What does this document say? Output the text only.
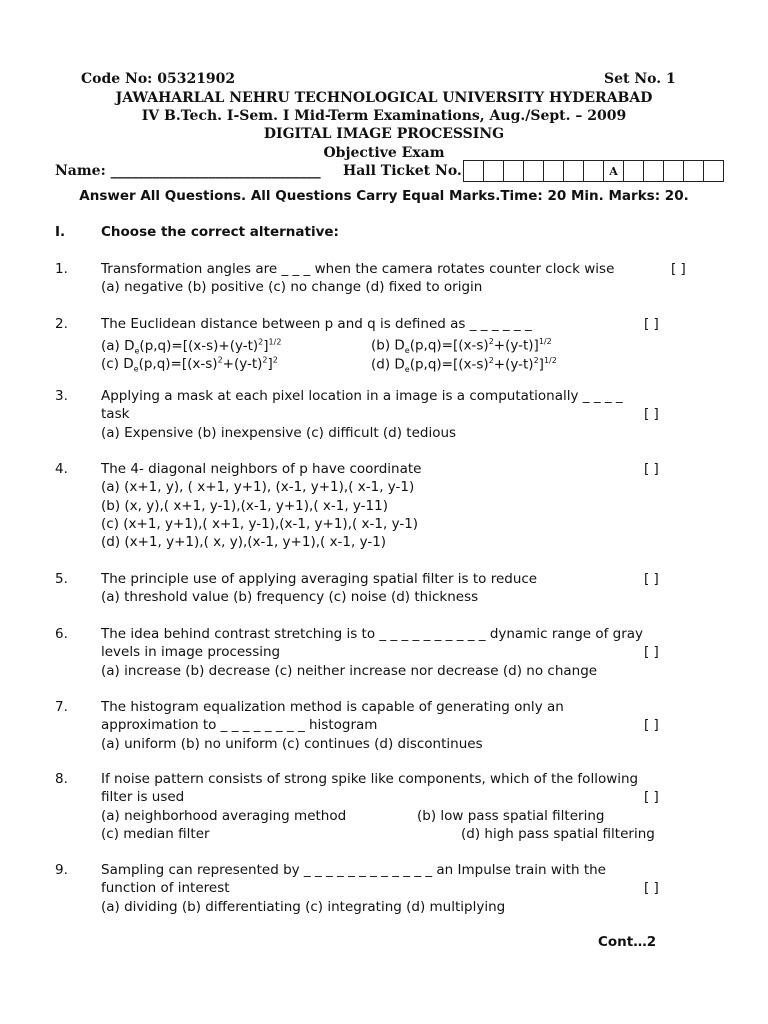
Code No: 05321902	Set No. 1
JAWAHARLAL NEHRU TECHNOLOGICAL UNIVERSITY HYDERABAD
IV B.Tech. I-Sem. I Mid-Term Examinations, Aug./Sept. – 2009
DIGITAL IMAGE PROCESSING
Objective Exam
Name: ______________________________ Hall Ticket No.	A
Answer All Questions. All Questions Carry Equal Marks.Time: 20 Min. Marks: 20.
I.	Choose the correct alternative:
1. Transformation angles are _ _ _ when the camera rotates counter clock wise	[ ]
(a) negative (b) positive (c) no change (d) fixed to origin
2. The Euclidean distance between p and q is defined as _ _ _ _ _ _	[ ]
(a) $D_e(p,q)=[(x-s)+(y-t)^2]^{1/2}$	(b) $D_e(p,q)=[(x-s)^2+(y-t)]^{1/2}$
(c) $D_e(p,q)=[(x-s)^2+(y-t)^2]^2$	(d) $D_e(p,q)=[(x-s)^2+(y-t)^2]^{1/2}$
3. Applying a mask at each pixel location in a image is a computationally _ _ _ _
task	[ ]
(a) Expensive (b) inexpensive (c) difficult (d) tedious
4. The 4- diagonal neighbors of p have coordinate	[ ]
(a) (x+1, y), ( x+1, y+1), (x-1, y+1),( x-1, y-1)
(b) (x, y),( x+1, y-1),(x-1, y+1),( x-1, y-11)
(c) (x+1, y+1),( x+1, y-1),(x-1, y+1),( x-1, y-1)
(d) (x+1, y+1),( x, y),(x-1, y+1),( x-1, y-1)
5. The principle use of applying averaging spatial filter is to reduce	[ ]
(a) threshold value (b) frequency (c) noise (d) thickness
6. The idea behind contrast stretching is to _ _ _ _ _ _ _ _ _ _ dynamic range of gray
levels in image processing	[ ]
(a) increase (b) decrease (c) neither increase nor decrease (d) no change
7. The histogram equalization method is capable of generating only an
approximation to _ _ _ _ _ _ _ _ histogram	[ ]
(a) uniform (b) no uniform (c) continues (d) discontinues
8. If noise pattern consists of strong spike like components, which of the following
filter is used	[ ]
(a) neighborhood averaging method	(b) low pass spatial filtering
(c) median filter	(d) high pass spatial filtering
9. Sampling can represented by _ _ _ _ _ _ _ _ _ _ _ _ an Impulse train with the
function of interest	[ ]
(a) dividing (b) differentiating (c) integrating (d) multiplying
Cont…2
